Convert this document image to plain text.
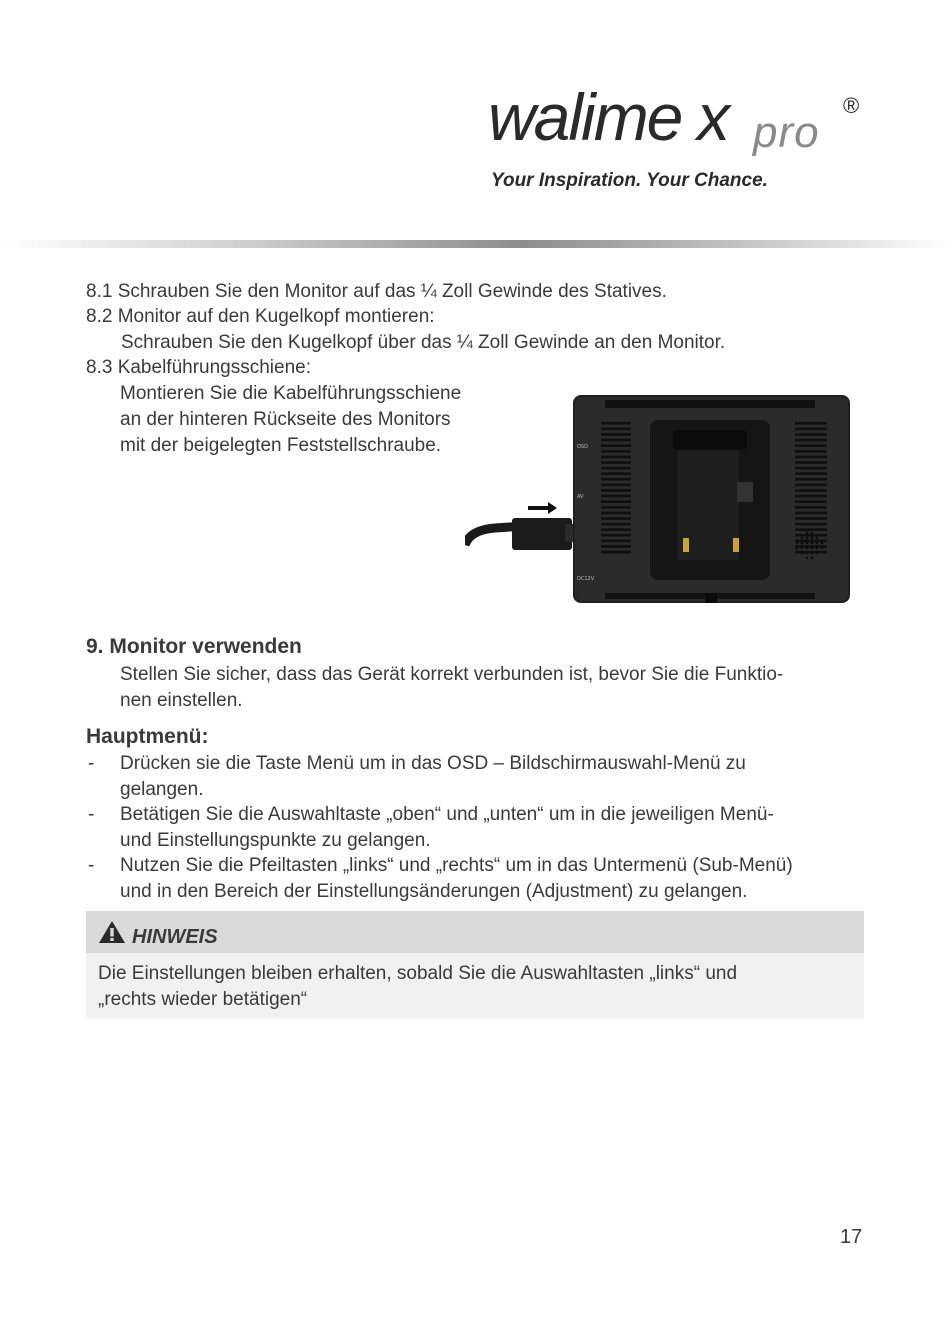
walime x pro
®
Your Inspiration. Your Chance.
8.1 Schrauben Sie den Monitor auf das ¼ Zoll Gewinde des Statives.
8.2 Monitor auf den Kugelkopf montieren:
Schrauben Sie den Kugelkopf über das ¼ Zoll Gewinde an den Monitor.
8.3 Kabelführungsschiene:
Montieren Sie die Kabelführungsschiene
an der hinteren Rückseite des Monitors
mit der beigelegten Feststellschraube.	OSD
DC12V
AV
9. Monitor verwenden
Stellen Sie sicher, dass das Gerät korrekt verbunden ist, bevor Sie die Funktio-
nen einstellen.
Hauptmenü:
- Drücken sie die Taste Menü um in das OSD – Bildschirmauswahl-Menü zu
gelangen.
- Betätigen Sie die Auswahltaste „oben“ und „unten“ um in die jeweiligen Menü-
und Einstellungspunkte zu gelangen.
- Nutzen Sie die Pfeiltasten „links“ und „rechts“ um in das Untermenü (Sub-Menü)
und in den Bereich der Einstellungsänderungen (Adjustment) zu gelangen.
HINWEIS
Die Einstellungen bleiben erhalten, sobald Sie die Auswahltasten „links“ und
„rechts wieder betätigen“
17
